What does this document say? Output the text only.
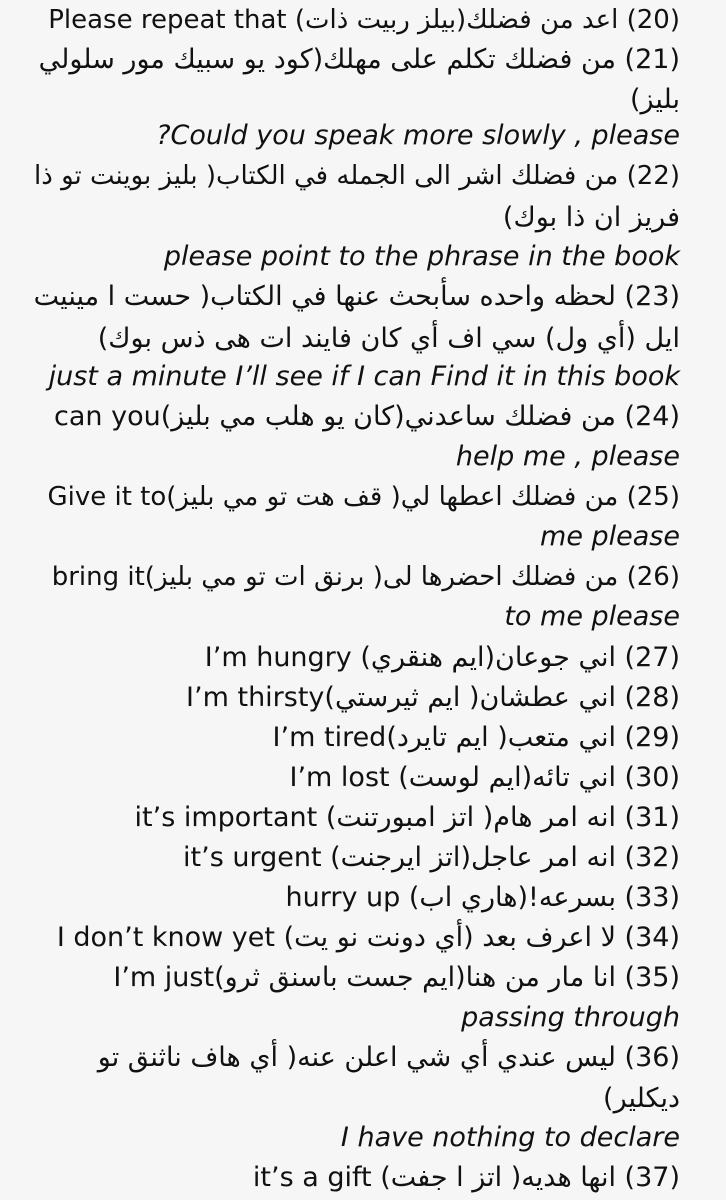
(20) اعد من فضلك(بيلز ربيت ذات) Please repeat that
(21) من فضلك تكلم على مهلك(كود يو سبيك مور سلولي
بليز)
?Could you speak more slowly , please
(22) من فضلك اشر الى الجمله في الكتاب( بليز بوينت تو ذا
فريز ان ذا بوك)
please point to the phrase in the book
(23) لحظه واحده سأبحث عنها في الكتاب( حست ا مينيت
ايل (أي ول) سي اف أي كان فايند ات هى ذس بوك)
just a minute I’ll see if I can Find it in this book
(24) من فضلك ساعدني(كان يو هلب مي بليز)can you
help me , please
(25) من فضلك اعطها لي( قف هت تو مي بليز)Give it to
me please
(26) من فضلك احضرها لى( برنق ات تو مي بليز)bring it
to me please
(27) اني جوعان(ايم هنقري) I’m hungry
(28) اني عطشان( ايم ثيرستي)I’m thirsty
(29) اني متعب( ايم تايرد)I’m tired
(30) اني تائه(ايم لوست) I’m lost
(31) انه امر هام( اتز امبورتنت) it’s important
(32) انه امر عاجل(اتز ايرجنت) it’s urgent
(33) بسرعه!(هاري اب) hurry up
(34) لا اعرف بعد (أي دونت نو يت) I don’t know yet
(35) انا مار من هنا(ايم جست باسنق ثرو)I’m just
passing through
(36) ليس عندي أي شي اعلن عنه( أي هاف ناثنق تو
ديكلير)
I have nothing to declare
(37) انها هديه( اتز ا جفت) it’s a gift
